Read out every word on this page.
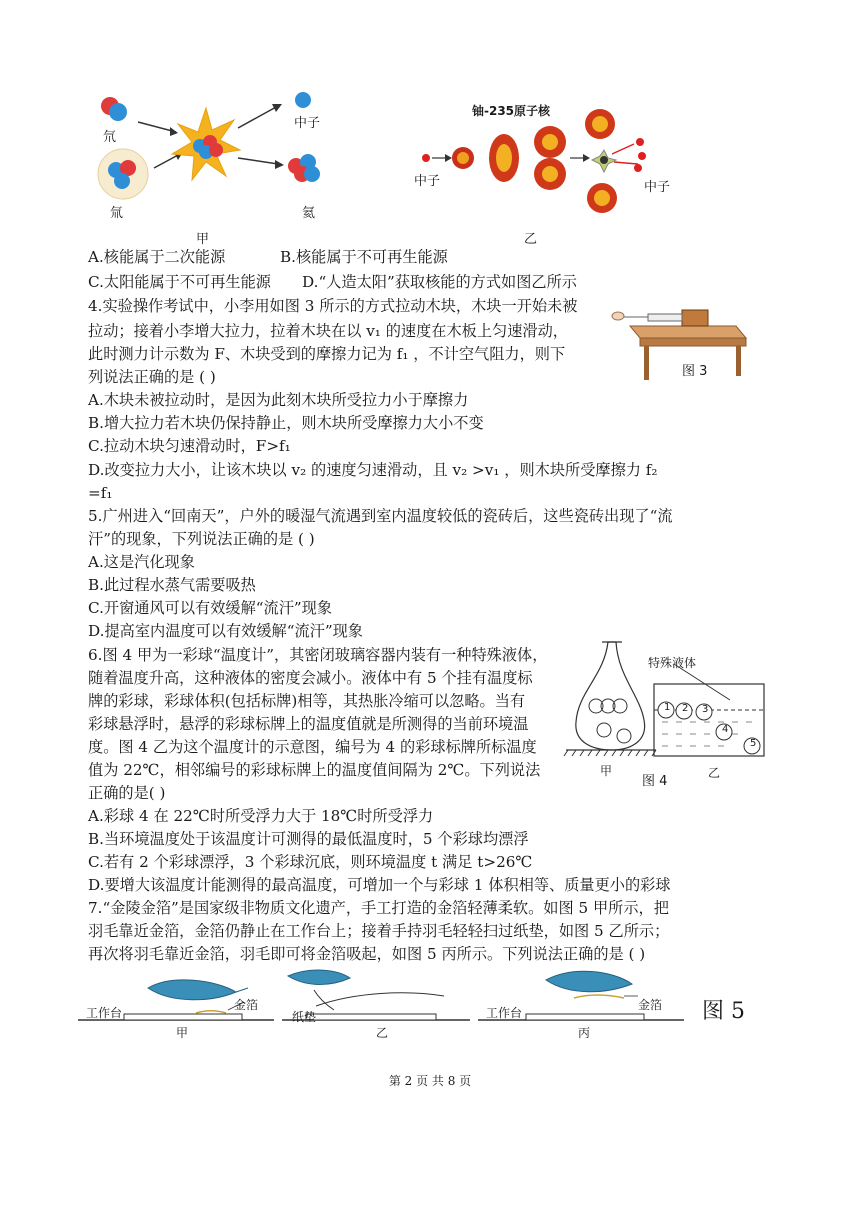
氘
氚
中子
氦
甲
铀-235原子核
中子	中子
乙
A.核能属于二次能源	B.核能属于不可再生能源
C.太阳能属于不可再生能源 D.“人造太阳”获取核能的方式如图乙所示
4.实验操作考试中，小李用如图 3 所示的方式拉动木块，木块一开始未被
拉动；接着小李增大拉力，拉着木块在以 v₁ 的速度在木板上匀速滑动，
此时测力计示数为 F、木块受到的摩擦力记为 f₁ ，不计空气阻力，则下
列说法正确的是 ( )
A.木块未被拉动时，是因为此刻木块所受拉力小于摩擦力
B.增大拉力若木块仍保持静止，则木块所受摩擦力大小不变
C.拉动木块匀速滑动时，F>f₁
D.改变拉力大小，让该木块以 v₂ 的速度匀速滑动，且 v₂ >v₁ ，则木块所受摩擦力 f₂
=f₁
图 3
5.广州进入“回南天”，户外的暖湿气流遇到室内温度较低的瓷砖后，这些瓷砖出现了“流
汗”的现象，下列说法正确的是 ( )
A.这是汽化现象
B.此过程水蒸气需要吸热
C.开窗通风可以有效缓解“流汗”现象
D.提高室内温度可以有效缓解“流汗”现象
6.图 4 甲为一彩球“温度计”，其密闭玻璃容器内装有一种特殊液体，
随着温度升高，这种液体的密度会减小。液体中有 5 个挂有温度标
牌的彩球，彩球体积(包括标牌)相等，其热胀冷缩可以忽略。当有
彩球悬浮时，悬浮的彩球标牌上的温度值就是所测得的当前环境温
度。图 4 乙为这个温度计的示意图，编号为 4 的彩球标牌所标温度
值为 22℃，相邻编号的彩球标牌上的温度值间隔为 2℃。下列说法
正确的是( )
A.彩球 4 在 22℃时所受浮力大于 18℃时所受浮力
B.当环境温度处于该温度计可测得的最低温度时，5 个彩球均漂浮
C.若有 2 个彩球漂浮，3 个彩球沉底，则环境温度 t 满足 t>26℃
D.要增大该温度计能测得的最高温度，可增加一个与彩球 1 体积相等、质量更小的彩球
1 2 3
4
5
特殊液体
甲
图 4
乙
7.“金陵金箔”是国家级非物质文化遗产，手工打造的金箔轻薄柔软。如图 5 甲所示，把
羽毛靠近金箔，金箔仍静止在工作台上；接着手持羽毛轻轻扫过纸垫，如图 5 乙所示；
再次将羽毛靠近金箔，羽毛即可将金箔吸起，如图 5 丙所示。下列说法正确的是 ( )
工作台
金箔
甲
纸垫
乙
工作台
金箔
丙
图 5
第 2 页 共 8 页
